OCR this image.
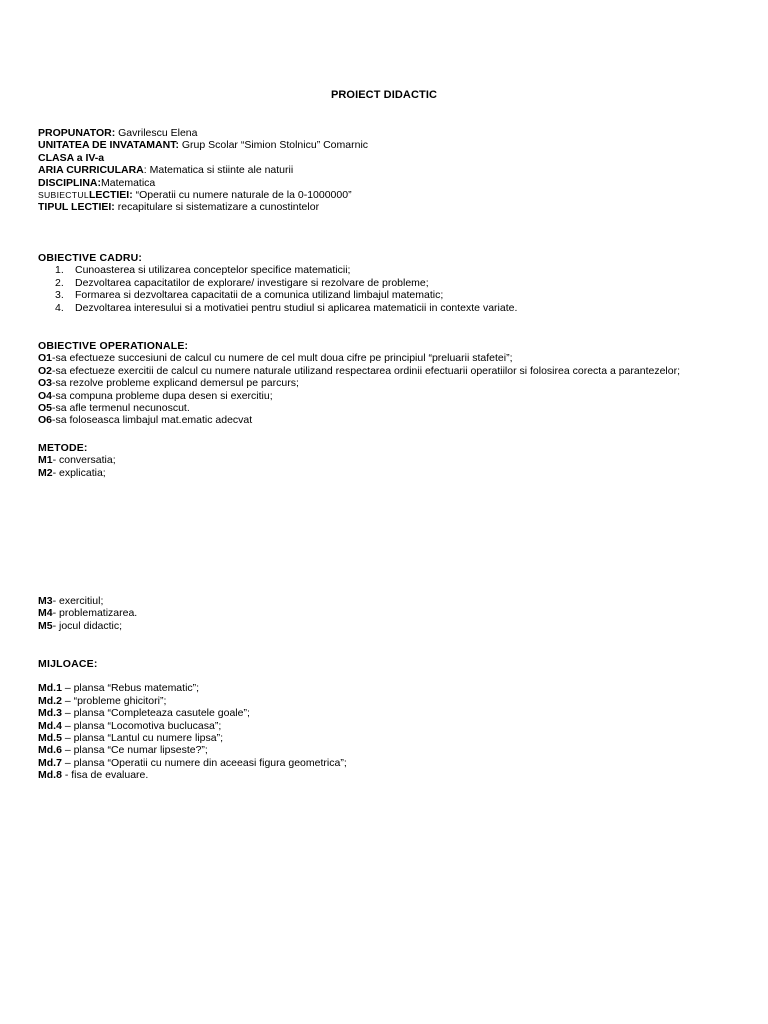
PROIECT DIDACTIC
PROPUNATOR: Gavrilescu Elena
UNITATEA DE INVATAMANT: Grup Scolar “Simion Stolnicu” Comarnic
CLASA a IV-a
ARIA CURRICULARA: Matematica si stiinte ale naturii
DISCIPLINA:Matematica
SUBIECTULLECTIEI: “Operatii cu numere naturale de la 0-1000000”
TIPUL LECTIEI: recapitulare si sistematizare a cunostintelor
OBIECTIVE CADRU:
1. Cunoasterea si utilizarea conceptelor specifice matematicii;
2. Dezvoltarea capacitatilor de explorare/ investigare si rezolvare de probleme;
3. Formarea si dezvoltarea capacitatii de a comunica utilizand limbajul matematic;
4. Dezvoltarea interesului si a motivatiei pentru studiul si aplicarea matematicii in contexte variate.
OBIECTIVE OPERATIONALE:
O1-sa efectueze succesiuni de calcul cu numere de cel mult doua cifre pe principiul “preluarii stafetei”;
O2-sa efectueze exercitii de calcul cu numere naturale utilizand respectarea ordinii efectuarii operatiilor si folosirea corecta a parantezelor;
O3-sa rezolve probleme explicand demersul pe parcurs;
O4-sa compuna probleme dupa desen si exercitiu;
O5-sa afle termenul necunoscut.
O6-sa foloseasca limbajul mat.ematic adecvat
METODE:
M1- conversatia;
M2- explicatia;
M3- exercitiul;
M4- problematizarea.
M5- jocul didactic;
MIJLOACE:
Md.1 – plansa “Rebus matematic”;
Md.2 – “probleme ghicitori”;
Md.3 – plansa “Completeaza casutele goale”;
Md.4 – plansa “Locomotiva buclucasa”;
Md.5 – plansa “Lantul cu numere lipsa”;
Md.6 – plansa “Ce numar lipseste?”;
Md.7 – plansa “Operatii cu numere din aceeasi figura geometrica”;
Md.8 - fisa de evaluare.
